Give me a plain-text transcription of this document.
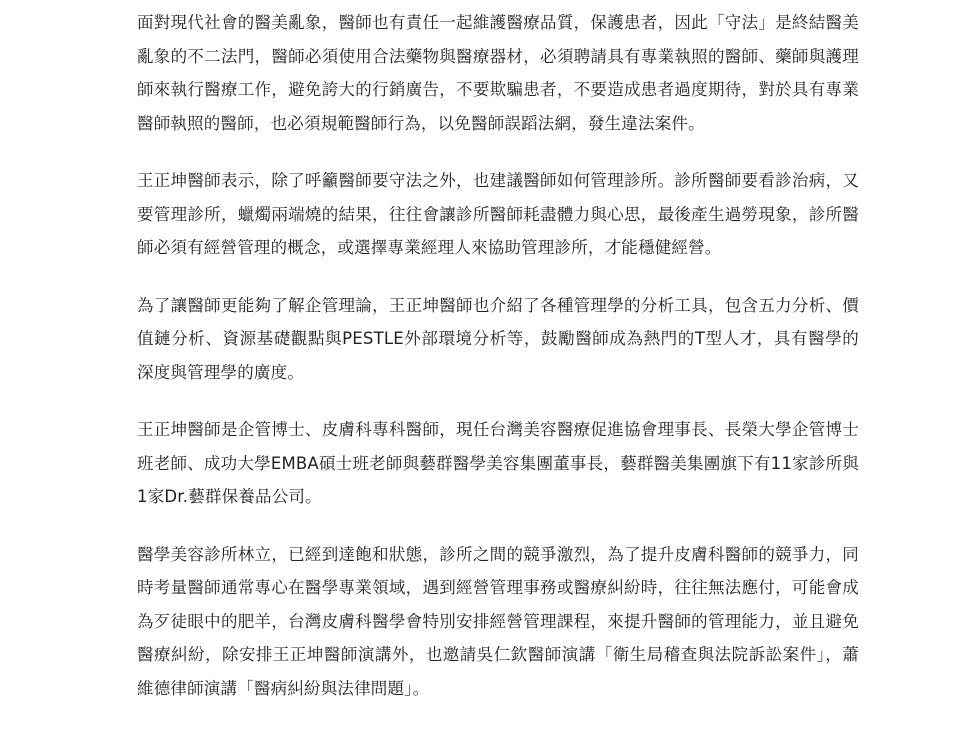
面對現代社會的醫美亂象，醫師也有責任一起維護醫療品質，保護患者，因此「守法」是終結醫美亂象的不二法門，醫師必須使用合法藥物與醫療器材，必須聘請具有專業執照的醫師、藥師與護理師來執行醫療工作，避免誇大的行銷廣告，不要欺騙患者，不要造成患者過度期待，對於具有專業醫師執照的醫師，也必須規範醫師行為，以免醫師誤蹈法網，發生違法案件。

王正坤醫師表示，除了呼籲醫師要守法之外，也建議醫師如何管理診所。診所醫師要看診治病，又要管理診所，蠟燭兩端燒的結果，往往會讓診所醫師耗盡體力與心思，最後產生過勞現象，診所醫師必須有經營管理的概念，或選擇專業經理人來協助管理診所，才能穩健經營。

為了讓醫師更能夠了解企管理論，王正坤醫師也介紹了各種管理學的分析工具，包含五力分析、價值鏈分析、資源基礎觀點與PESTLE外部環境分析等，鼓勵醫師成為熱門的T型人才，具有醫學的深度與管理學的廣度。

王正坤醫師是企管博士、皮膚科專科醫師，現任台灣美容醫療促進協會理事長、長榮大學企管博士班老師、成功大學EMBA碩士班老師與藝群醫學美容集團董事長，藝群醫美集團旗下有11家診所與1家Dr.藝群保養品公司。

醫學美容診所林立，已經到達飽和狀態，診所之間的競爭激烈，為了提升皮膚科醫師的競爭力，同時考量醫師通常專心在醫學專業領域，遇到經營管理事務或醫療糾紛時，往往無法應付，可能會成為歹徒眼中的肥羊，台灣皮膚科醫學會特別安排經營管理課程，來提升醫師的管理能力，並且避免醫療糾紛，除安排王正坤醫師演講外，也邀請吳仁欽醫師演講「衛生局稽查與法院訴訟案件」，蕭維德律師演講「醫病糾紛與法律問題」。
